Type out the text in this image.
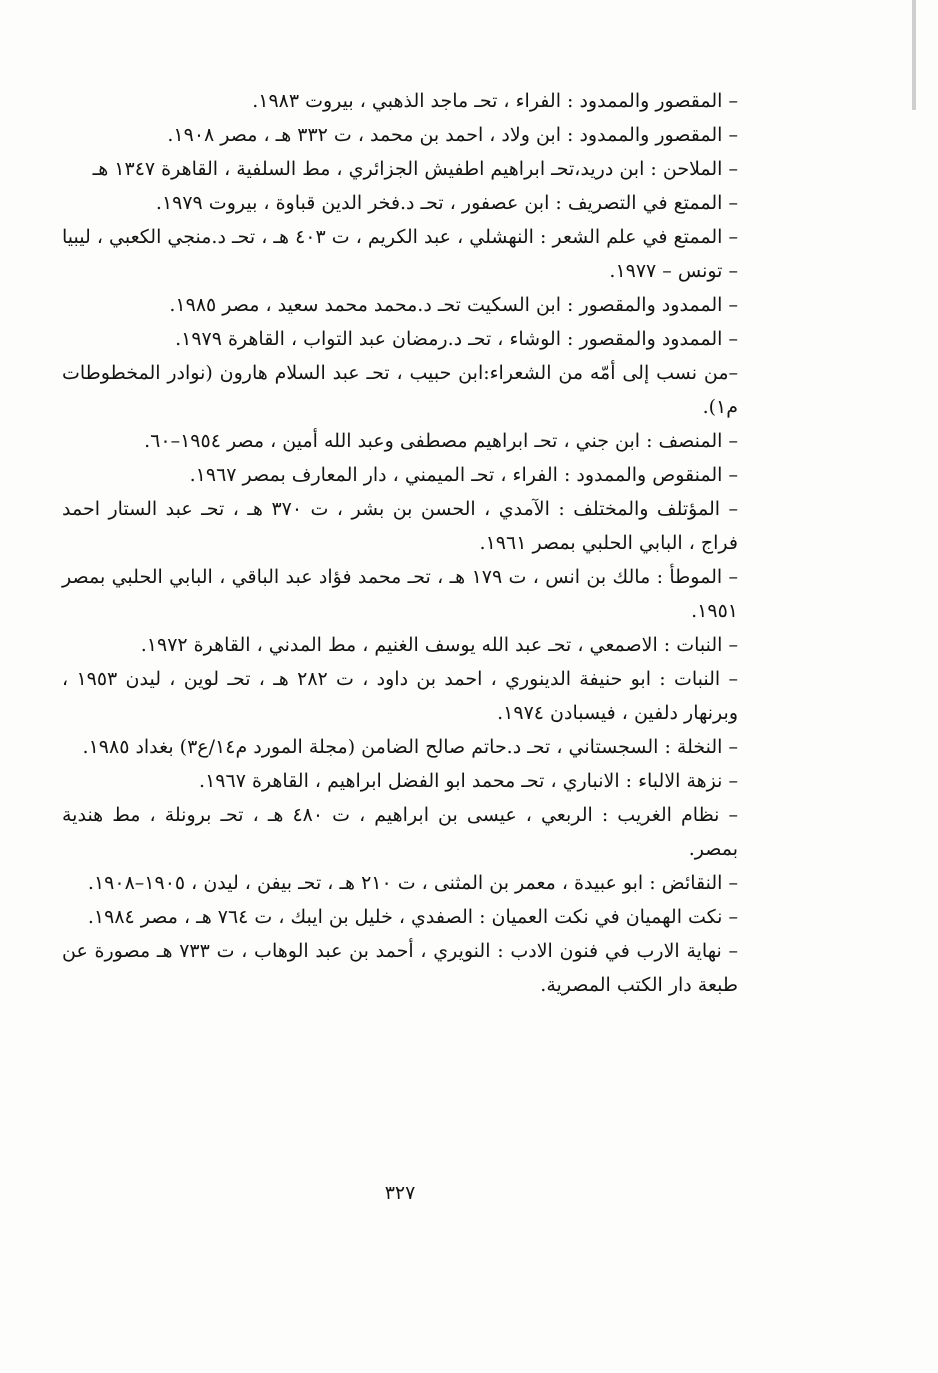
– المقصور والممدود : الفراء ، تحـ ماجد الذهبي ، بيروت ١٩٨٣.

– المقصور والممدود : ابن ولاد ، احمد بن محمد ، ت ٣٣٢ هـ ، مصر ١٩٠٨.

– الملاحن : ابن دريد،تحـ ابراهيم اطفيش الجزائري ، مط السلفية ، القاهرة ١٣٤٧ هـ

– الممتع في التصريف : ابن عصفور ، تحـ د.فخر الدين قباوة ، بيروت ١٩٧٩.

– الممتع في علم الشعر : النهشلي ، عبد الكريم ، ت ٤٠٣ هـ ، تحـ د.منجي الكعبي ، ليبيا – تونس – ١٩٧٧.

– الممدود والمقصور : ابن السكيت تحـ د.محمد محمد سعيد ، مصر ١٩٨٥.

– الممدود والمقصور : الوشاء ، تحـ د.رمضان عبد التواب ، القاهرة ١٩٧٩.

–من نسب إلى أمّه من الشعراء:ابن حبيب ، تحـ عبد السلام هارون (نوادر المخطوطات م١).

– المنصف : ابن جني ، تحـ ابراهيم مصطفى وعبد الله أمين ، مصر ١٩٥٤–٦٠.

– المنقوص والممدود : الفراء ، تحـ الميمني ، دار المعارف بمصر ١٩٦٧.

– المؤتلف والمختلف : الآمدي ، الحسن بن بشر ، ت ٣٧٠ هـ ، تحـ عبد الستار احمد فراج ، البابي الحلبي بمصر ١٩٦١.

– الموطأ : مالك بن انس ، ت ١٧٩ هـ ، تحـ محمد فؤاد عبد الباقي ، البابي الحلبي بمصر ١٩٥١.

– النبات : الاصمعي ، تحـ عبد الله يوسف الغنيم ، مط المدني ، القاهرة ١٩٧٢.

– النبات : ابو حنيفة الدينوري ، احمد بن داود ، ت ٢٨٢ هـ ، تحـ لوين ، ليدن ١٩٥٣ ، وبرنهار دلفين ، فيسبادن ١٩٧٤.

– النخلة : السجستاني ، تحـ د.حاتم صالح الضامن (مجلة المورد م١٤/ع٣) بغداد ١٩٨٥.

– نزهة الالباء : الانباري ، تحـ محمد ابو الفضل ابراهيم ، القاهرة ١٩٦٧.

– نظام الغريب : الربعي ، عيسى بن ابراهيم ، ت ٤٨٠ هـ ، تحـ برونلة ، مط هندية بمصر.

– النقائض : ابو عبيدة ، معمر بن المثنى ، ت ٢١٠ هـ ، تحـ بيفن ، ليدن ، ١٩٠٥–١٩٠٨.

– نكت الهميان في نكت العميان : الصفدي ، خليل بن ايبك ، ت ٧٦٤ هـ ، مصر ١٩٨٤.

– نهاية الارب في فنون الادب : النويري ، أحمد بن عبد الوهاب ، ت ٧٣٣ هـ مصورة عن طبعة دار الكتب المصرية.

٣٢٧
